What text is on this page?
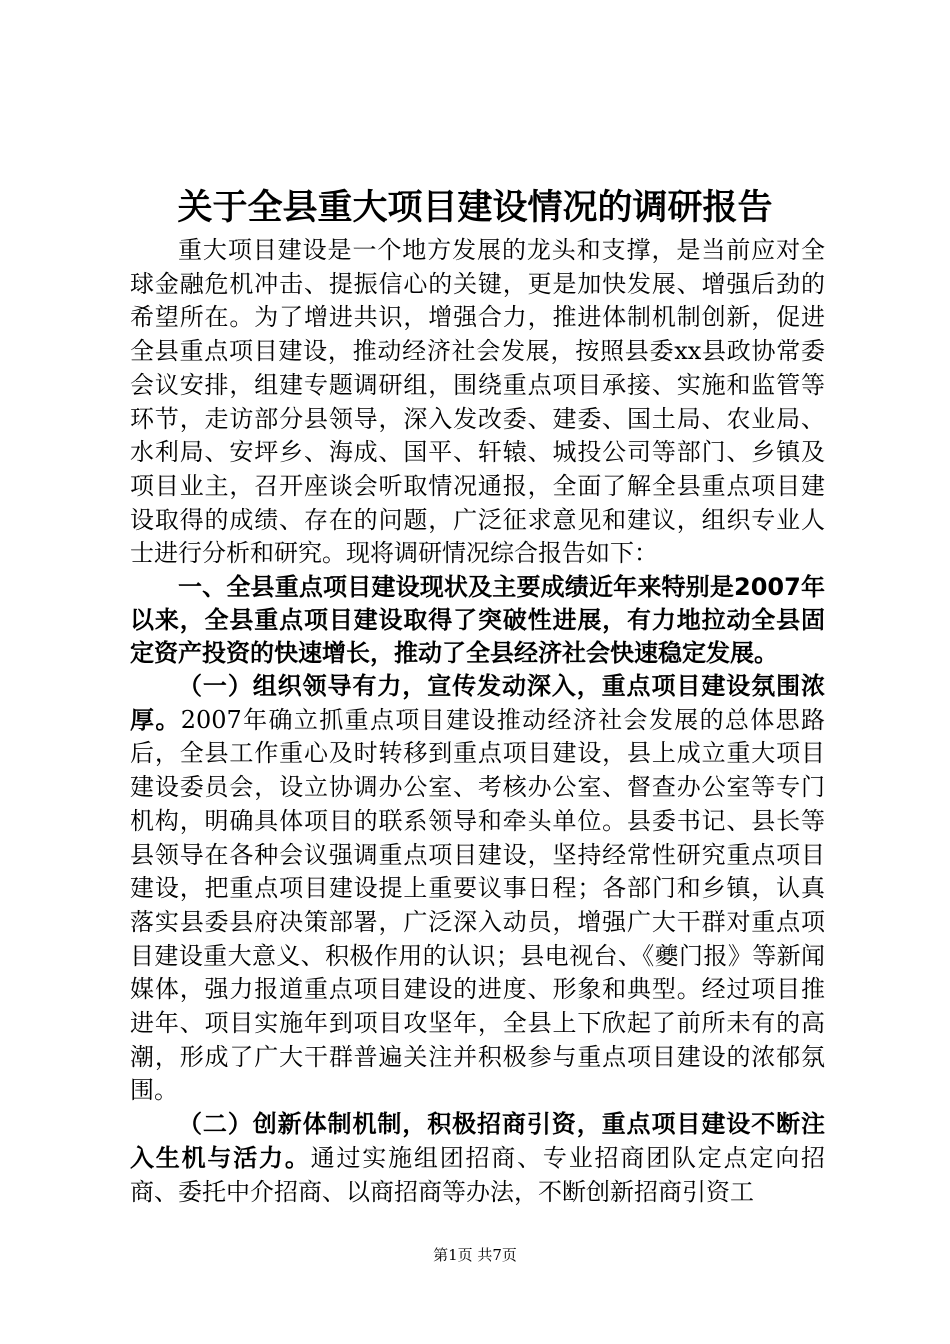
关于全县重大项目建设情况的调研报告

重大项目建设是一个地方发展的龙头和支撑，是当前应对全球金融危机冲击、提振信心的关键，更是加快发展、增强后劲的希望所在。为了增进共识，增强合力，推进体制机制创新，促进全县重点项目建设，推动经济社会发展，按照县委xx县政协常委会议安排，组建专题调研组，围绕重点项目承接、实施和监管等环节，走访部分县领导，深入发改委、建委、国土局、农业局、水利局、安坪乡、海成、国平、轩辕、城投公司等部门、乡镇及项目业主，召开座谈会听取情况通报，全面了解全县重点项目建设取得的成绩、存在的问题，广泛征求意见和建议，组织专业人士进行分析和研究。现将调研情况综合报告如下：

一、全县重点项目建设现状及主要成绩近年来特别是2007年以来，全县重点项目建设取得了突破性进展，有力地拉动全县固定资产投资的快速增长，推动了全县经济社会快速稳定发展。

（一）组织领导有力，宣传发动深入，重点项目建设氛围浓厚。2007年确立抓重点项目建设推动经济社会发展的总体思路后，全县工作重心及时转移到重点项目建设，县上成立重大项目建设委员会，设立协调办公室、考核办公室、督查办公室等专门机构，明确具体项目的联系领导和牵头单位。县委书记、县长等县领导在各种会议强调重点项目建设，坚持经常性研究重点项目建设，把重点项目建设提上重要议事日程；各部门和乡镇，认真落实县委县府决策部署，广泛深入动员，增强广大干群对重点项目建设重大意义、积极作用的认识；县电视台、《夔门报》等新闻媒体，强力报道重点项目建设的进度、形象和典型。经过项目推进年、项目实施年到项目攻坚年，全县上下欣起了前所未有的高潮，形成了广大干群普遍关注并积极参与重点项目建设的浓郁氛围。

（二）创新体制机制，积极招商引资，重点项目建设不断注入生机与活力。通过实施组团招商、专业招商团队定点定向招商、委托中介招商、以商招商等办法，不断创新招商引资工

第1页 共7页
